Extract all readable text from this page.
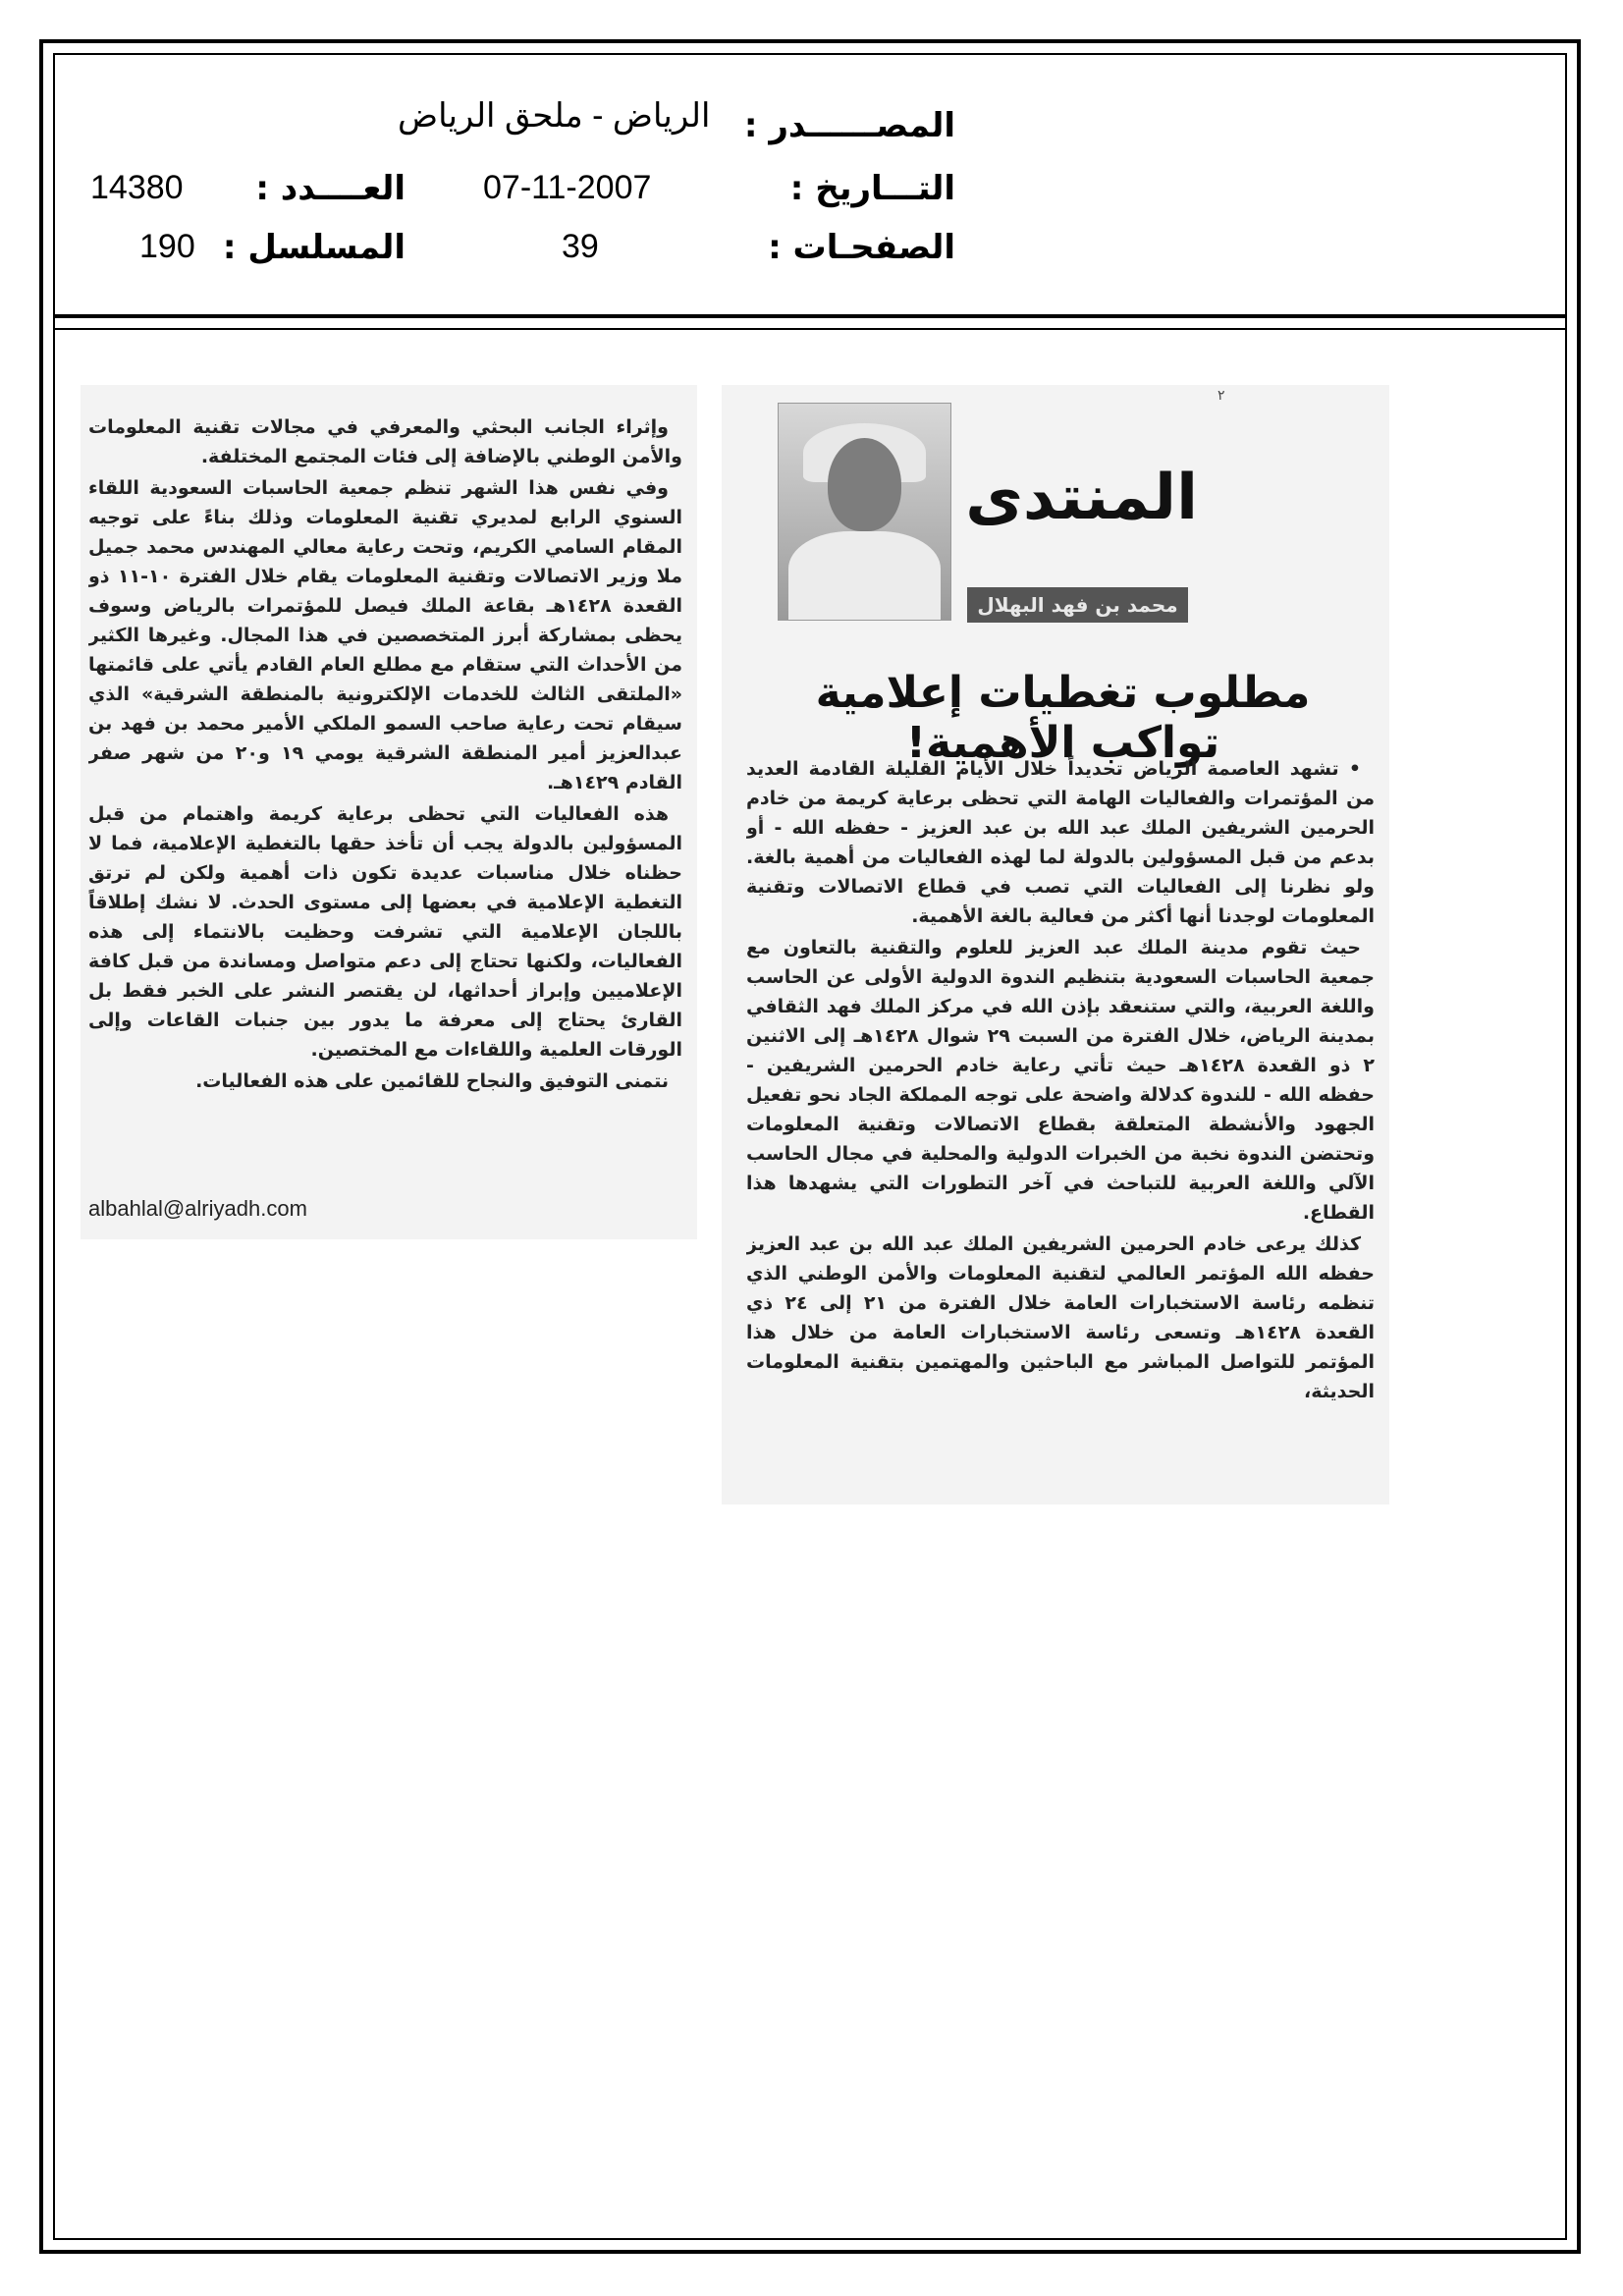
المصــــــدر :
الرياض - ملحق الرياض
التـــاريخ :
07-11-2007
العــــدد :
14380
الصفحـات :
39
المسلسل :
190
٢
المنتدى
محمد بن فهد البهلال
مطلوب تغطيات إعلامية تواكب الأهمية!

• تشهد العاصمة الرياض تحديداً خلال الأيام القليلة القادمة العديد من المؤتمرات والفعاليات الهامة التي تحظى برعاية كريمة من خادم الحرمين الشريفين الملك عبد الله بن عبد العزيز - حفظه الله - أو بدعم من قبل المسؤولين بالدولة لما لهذه الفعاليات من أهمية بالغة. ولو نظرنا إلى الفعاليات التي تصب في قطاع الاتصالات وتقنية المعلومات لوجدنا أنها أكثر من فعالية بالغة الأهمية.

حيث تقوم مدينة الملك عبد العزيز للعلوم والتقنية بالتعاون مع جمعية الحاسبات السعودية بتنظيم الندوة الدولية الأولى عن الحاسب واللغة العربية، والتي ستنعقد بإذن الله في مركز الملك فهد الثقافي بمدينة الرياض، خلال الفترة من السبت ٢٩ شوال ١٤٢٨هـ إلى الاثنين ٢ ذو القعدة ١٤٢٨هـ حيث تأتي رعاية خادم الحرمين الشريفين - حفظه الله - للندوة كدلالة واضحة على توجه المملكة الجاد نحو تفعيل الجهود والأنشطة المتعلقة بقطاع الاتصالات وتقنية المعلومات وتحتضن الندوة نخبة من الخبرات الدولية والمحلية في مجال الحاسب الآلي واللغة العربية للتباحث في آخر التطورات التي يشهدها هذا القطاع.

كذلك يرعى خادم الحرمين الشريفين الملك عبد الله بن عبد العزيز حفظه الله المؤتمر العالمي لتقنية المعلومات والأمن الوطني الذي تنظمه رئاسة الاستخبارات العامة خلال الفترة من ٢١ إلى ٢٤ ذي القعدة ١٤٢٨هـ وتسعى رئاسة الاستخبارات العامة من خلال هذا المؤتمر للتواصل المباشر مع الباحثين والمهتمين بتقنية المعلومات الحديثة،

وإثراء الجانب البحثي والمعرفي في مجالات تقنية المعلومات والأمن الوطني بالإضافة إلى فئات المجتمع المختلفة.

وفي نفس هذا الشهر تنظم جمعية الحاسبات السعودية اللقاء السنوي الرابع لمديري تقنية المعلومات وذلك بناءً على توجيه المقام السامي الكريم، وتحت رعاية معالي المهندس محمد جميل ملا وزير الاتصالات وتقنية المعلومات يقام خلال الفترة ١٠-١١ ذو القعدة ١٤٢٨هـ بقاعة الملك فيصل للمؤتمرات بالرياض وسوف يحظى بمشاركة أبرز المتخصصين في هذا المجال. وغيرها الكثير من الأحداث التي ستقام مع مطلع العام القادم يأتي على قائمتها «الملتقى الثالث للخدمات الإلكترونية بالمنطقة الشرقية» الذي سيقام تحت رعاية صاحب السمو الملكي الأمير محمد بن فهد بن عبدالعزيز أمير المنطقة الشرقية يومي ١٩ و٢٠ من شهر صفر القادم ١٤٢٩هـ.

هذه الفعاليات التي تحظى برعاية كريمة واهتمام من قبل المسؤولين بالدولة يجب أن تأخذ حقها بالتغطية الإعلامية، فما لا حظناه خلال مناسبات عديدة تكون ذات أهمية ولكن لم ترتق التغطية الإعلامية في بعضها إلى مستوى الحدث. لا نشك إطلاقاً باللجان الإعلامية التي تشرفت وحظيت بالانتماء إلى هذه الفعاليات، ولكنها تحتاج إلى دعم متواصل ومساندة من قبل كافة الإعلاميين وإبراز أحداثها، لن يقتصر النشر على الخبر فقط بل القارئ يحتاج إلى معرفة ما يدور بين جنبات القاعات وإلى الورقات العلمية واللقاءات مع المختصين.

نتمنى التوفيق والنجاح للقائمين على هذه الفعاليات.

albahlal@alriyadh.com
